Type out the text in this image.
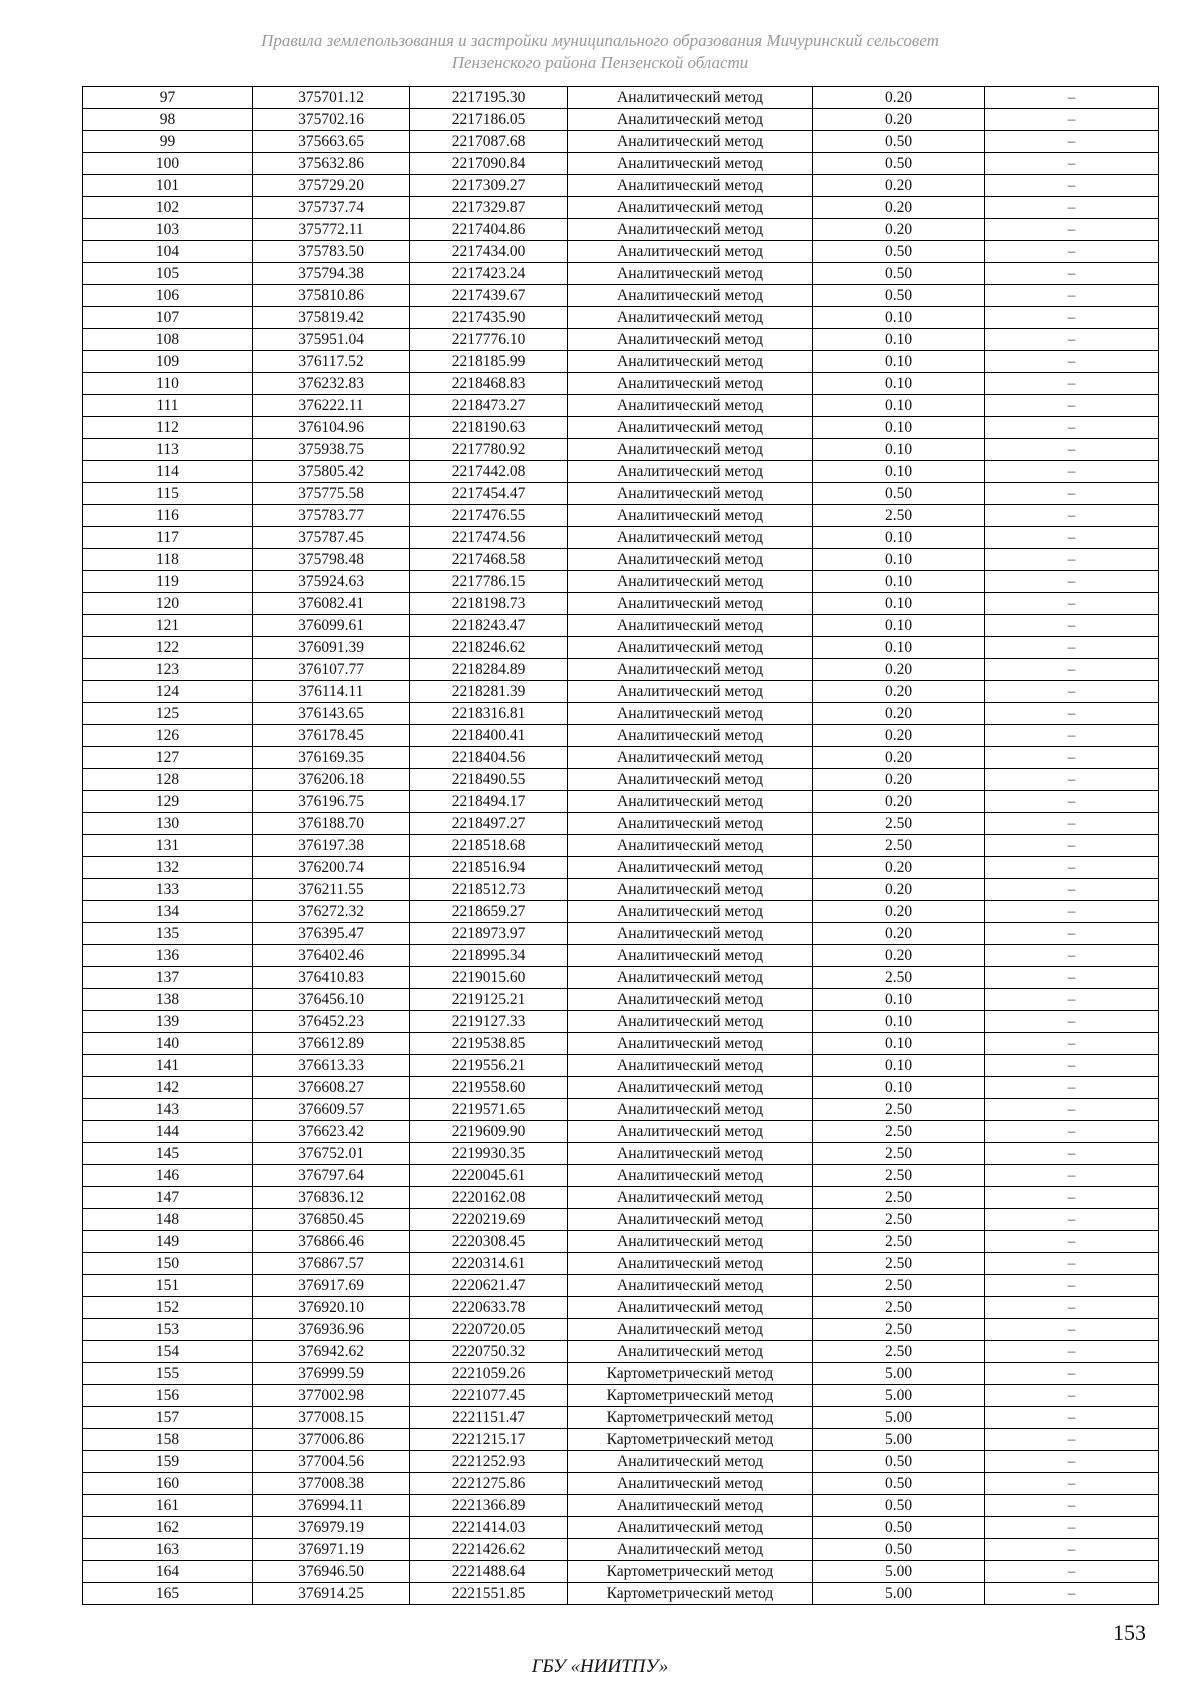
Правила землепользования и застройки муниципального образования Мичуринский сельсовет
Пензенского района Пензенской области
97	375701.12	2217195.30	Аналитический метод	0.20	–
98	375702.16	2217186.05	Аналитический метод	0.20	–
99	375663.65	2217087.68	Аналитический метод	0.50	–
100	375632.86	2217090.84	Аналитический метод	0.50	–
101	375729.20	2217309.27	Аналитический метод	0.20	–
102	375737.74	2217329.87	Аналитический метод	0.20	–
103	375772.11	2217404.86	Аналитический метод	0.20	–
104	375783.50	2217434.00	Аналитический метод	0.50	–
105	375794.38	2217423.24	Аналитический метод	0.50	–
106	375810.86	2217439.67	Аналитический метод	0.50	–
107	375819.42	2217435.90	Аналитический метод	0.10	–
108	375951.04	2217776.10	Аналитический метод	0.10	–
109	376117.52	2218185.99	Аналитический метод	0.10	–
110	376232.83	2218468.83	Аналитический метод	0.10	–
111	376222.11	2218473.27	Аналитический метод	0.10	–
112	376104.96	2218190.63	Аналитический метод	0.10	–
113	375938.75	2217780.92	Аналитический метод	0.10	–
114	375805.42	2217442.08	Аналитический метод	0.10	–
115	375775.58	2217454.47	Аналитический метод	0.50	–
116	375783.77	2217476.55	Аналитический метод	2.50	–
117	375787.45	2217474.56	Аналитический метод	0.10	–
118	375798.48	2217468.58	Аналитический метод	0.10	–
119	375924.63	2217786.15	Аналитический метод	0.10	–
120	376082.41	2218198.73	Аналитический метод	0.10	–
121	376099.61	2218243.47	Аналитический метод	0.10	–
122	376091.39	2218246.62	Аналитический метод	0.10	–
123	376107.77	2218284.89	Аналитический метод	0.20	–
124	376114.11	2218281.39	Аналитический метод	0.20	–
125	376143.65	2218316.81	Аналитический метод	0.20	–
126	376178.45	2218400.41	Аналитический метод	0.20	–
127	376169.35	2218404.56	Аналитический метод	0.20	–
128	376206.18	2218490.55	Аналитический метод	0.20	–
129	376196.75	2218494.17	Аналитический метод	0.20	–
130	376188.70	2218497.27	Аналитический метод	2.50	–
131	376197.38	2218518.68	Аналитический метод	2.50	–
132	376200.74	2218516.94	Аналитический метод	0.20	–
133	376211.55	2218512.73	Аналитический метод	0.20	–
134	376272.32	2218659.27	Аналитический метод	0.20	–
135	376395.47	2218973.97	Аналитический метод	0.20	–
136	376402.46	2218995.34	Аналитический метод	0.20	–
137	376410.83	2219015.60	Аналитический метод	2.50	–
138	376456.10	2219125.21	Аналитический метод	0.10	–
139	376452.23	2219127.33	Аналитический метод	0.10	–
140	376612.89	2219538.85	Аналитический метод	0.10	–
141	376613.33	2219556.21	Аналитический метод	0.10	–
142	376608.27	2219558.60	Аналитический метод	0.10	–
143	376609.57	2219571.65	Аналитический метод	2.50	–
144	376623.42	2219609.90	Аналитический метод	2.50	–
145	376752.01	2219930.35	Аналитический метод	2.50	–
146	376797.64	2220045.61	Аналитический метод	2.50	–
147	376836.12	2220162.08	Аналитический метод	2.50	–
148	376850.45	2220219.69	Аналитический метод	2.50	–
149	376866.46	2220308.45	Аналитический метод	2.50	–
150	376867.57	2220314.61	Аналитический метод	2.50	–
151	376917.69	2220621.47	Аналитический метод	2.50	–
152	376920.10	2220633.78	Аналитический метод	2.50	–
153	376936.96	2220720.05	Аналитический метод	2.50	–
154	376942.62	2220750.32	Аналитический метод	2.50	–
155	376999.59	2221059.26	Картометрический метод	5.00	–
156	377002.98	2221077.45	Картометрический метод	5.00	–
157	377008.15	2221151.47	Картометрический метод	5.00	–
158	377006.86	2221215.17	Картометрический метод	5.00	–
159	377004.56	2221252.93	Аналитический метод	0.50	–
160	377008.38	2221275.86	Аналитический метод	0.50	–
161	376994.11	2221366.89	Аналитический метод	0.50	–
162	376979.19	2221414.03	Аналитический метод	0.50	–
163	376971.19	2221426.62	Аналитический метод	0.50	–
164	376946.50	2221488.64	Картометрический метод	5.00	–
165	376914.25	2221551.85	Картометрический метод	5.00	–
153
ГБУ «НИИТПУ»
